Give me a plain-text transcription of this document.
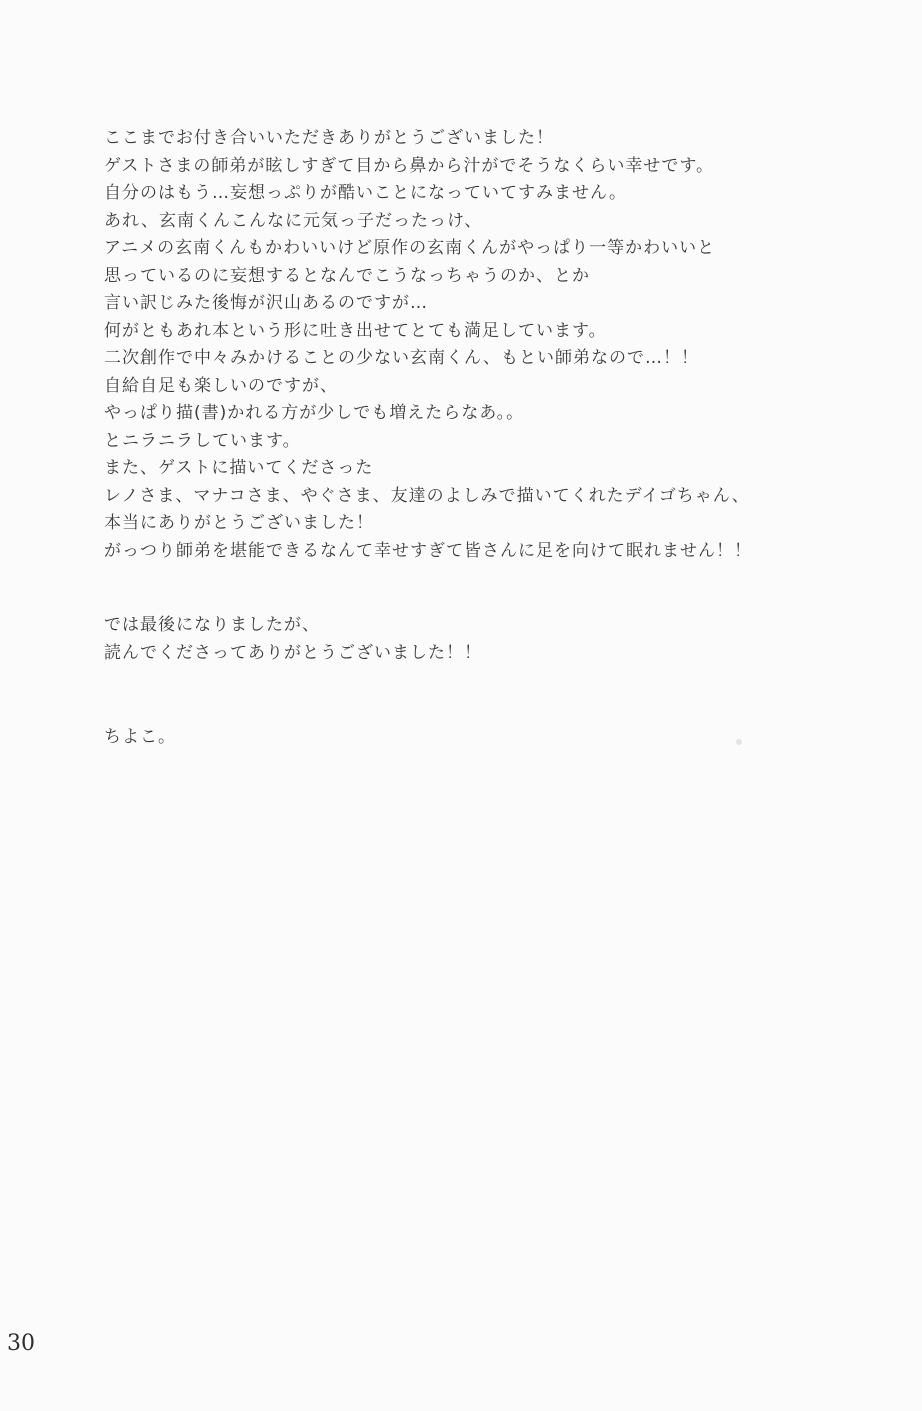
ここまでお付き合いいただきありがとうございました！
ゲストさまの師弟が眩しすぎて目から鼻から汁がでそうなくらい幸せです。
自分のはもう…妄想っぷりが酷いことになっていてすみません。
あれ、玄南くんこんなに元気っ子だったっけ、
アニメの玄南くんもかわいいけど原作の玄南くんがやっぱり一等かわいいと
思っているのに妄想するとなんでこうなっちゃうのか、とか
言い訳じみた後悔が沢山あるのですが…
何がともあれ本という形に吐き出せてとても満足しています。
二次創作で中々みかけることの少ない玄南くん、もとい師弟なので…！！
自給自足も楽しいのですが、
やっぱり描(書)かれる方が少しでも増えたらなあ。。
とニラニラしています。
また、ゲストに描いてくださった
レノさま、マナコさま、やぐさま、友達のよしみで描いてくれたデイゴちゃん、
本当にありがとうございました！
がっつり師弟を堪能できるなんて幸せすぎて皆さんに足を向けて眠れません！！
では最後になりましたが、
読んでくださってありがとうございました！！
ちよこ。
30
